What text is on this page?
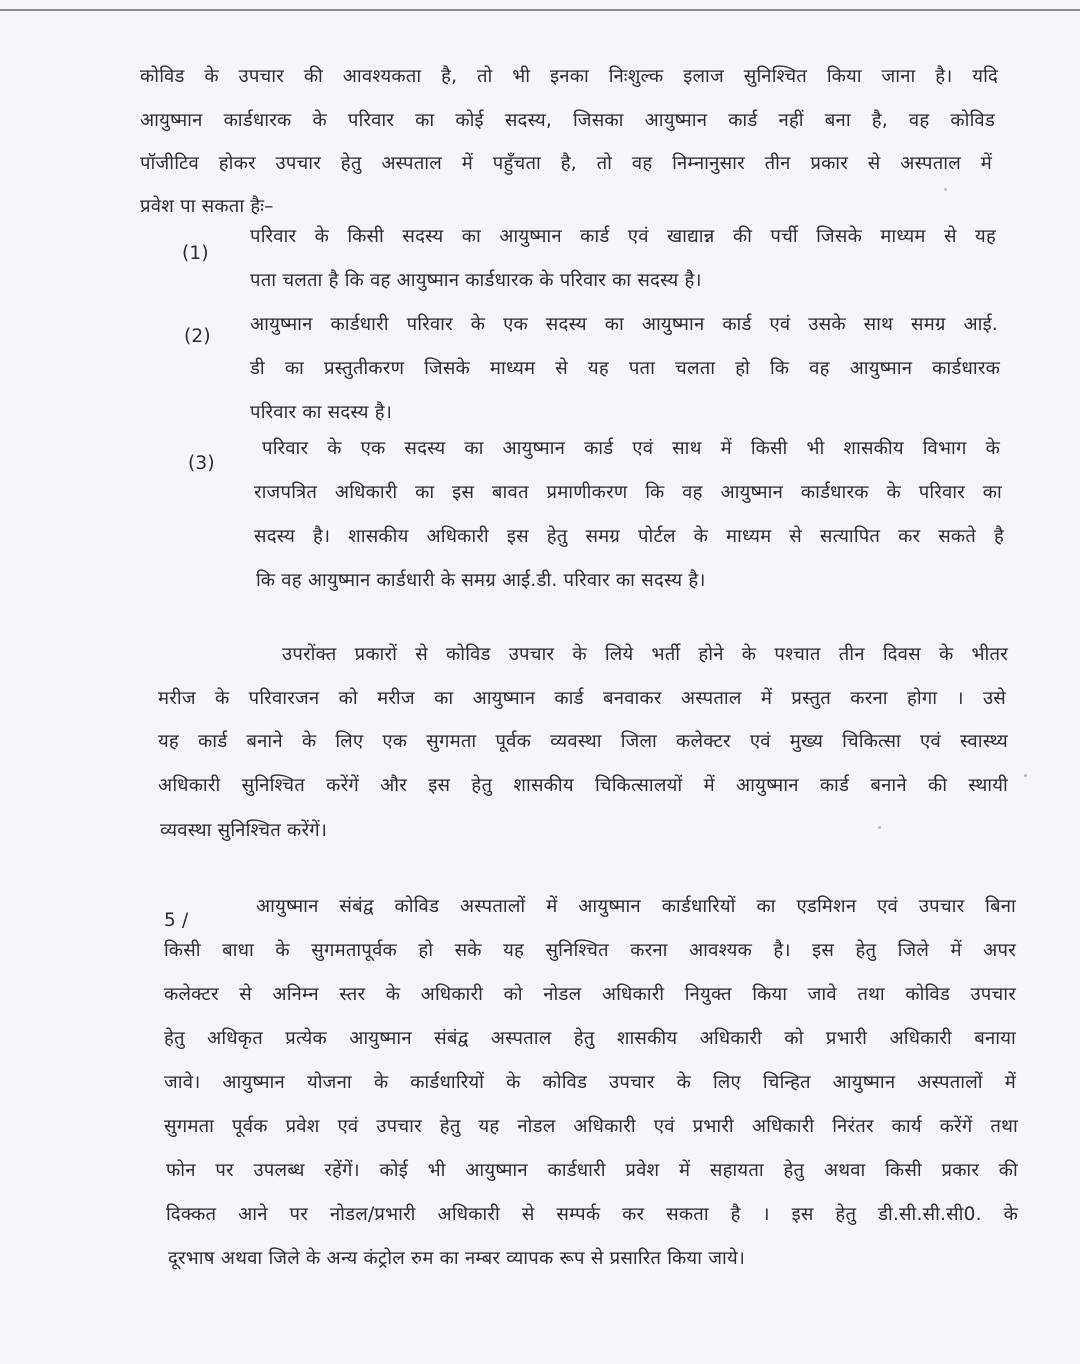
कोविड के उपचार की आवश्यकता है, तो भी इनका निःशुल्क इलाज सुनिश्चित किया जाना है। यदि
आयुष्मान कार्डधारक के परिवार का कोई सदस्य, जिसका आयुष्मान कार्ड नहीं बना है, वह कोविड
पॉजीटिव होकर उपचार हेतु अस्पताल में पहुँचता है, तो वह निम्नानुसार तीन प्रकार से अस्पताल में
प्रवेश पा सकता हैः–
(1)
परिवार के किसी सदस्य का आयुष्मान कार्ड एवं खाद्यान्न की पर्ची जिसके माध्यम से यह
पता चलता है कि वह आयुष्मान कार्डधारक के परिवार का सदस्य है।
(2)
आयुष्मान कार्डधारी परिवार के एक सदस्य का आयुष्मान कार्ड एवं उसके साथ समग्र आई.
डी का प्रस्तुतीकरण जिसके माध्यम से यह पता चलता हो कि वह आयुष्मान कार्डधारक
परिवार का सदस्य है।
(3)
परिवार के एक सदस्य का आयुष्मान कार्ड एवं साथ में किसी भी शासकीय विभाग के
राजपत्रित अधिकारी का इस बावत प्रमाणीकरण कि वह आयुष्मान कार्डधारक के परिवार का
सदस्य है। शासकीय अधिकारी इस हेतु समग्र पोर्टल के माध्यम से सत्यापित कर सकते है
कि वह आयुष्मान कार्डधारी के समग्र आई.डी. परिवार का सदस्य है।
उपरोंक्त प्रकारों से कोविड उपचार के लिये भर्ती होने के पश्चात तीन दिवस के भीतर
मरीज के परिवारजन को मरीज का आयुष्मान कार्ड बनवाकर अस्पताल में प्रस्तुत करना होगा । उसे
यह कार्ड बनाने के लिए एक सुगमता पूर्वक व्यवस्था जिला कलेक्टर एवं मुख्य चिकित्सा एवं स्वास्थ्य
अधिकारी सुनिश्चित करेंगें और इस हेतु शासकीय चिकित्सालयों में आयुष्मान कार्ड बनाने की स्थायी
व्यवस्था सुनिश्चित करेंगें।
5 /
आयुष्मान संबंद्व कोविड अस्पतालों में आयुष्मान कार्डधारियों का एडमिशन एवं उपचार बिना
किसी बाधा के सुगमतापूर्वक हो सके यह सुनिश्चित करना आवश्यक है। इस हेतु जिले में अपर
कलेक्टर से अनिम्न स्तर के अधिकारी को नोडल अधिकारी नियुक्त किया जावे तथा कोविड उपचार
हेतु अधिकृत प्रत्येक आयुष्मान संबंद्व अस्पताल हेतु शासकीय अधिकारी को प्रभारी अधिकारी बनाया
जावे। आयुष्मान योजना के कार्डधारियों के कोविड उपचार के लिए चिन्हित आयुष्मान अस्पतालों में
सुगमता पूर्वक प्रवेश एवं उपचार हेतु यह नोडल अधिकारी एवं प्रभारी अधिकारी निरंतर कार्य करेंगें तथा
फोन पर उपलब्ध रहेंगें। कोई भी आयुष्मान कार्डधारी प्रवेश में सहायता हेतु अथवा किसी प्रकार की
दिक्कत आने पर नोडल/प्रभारी अधिकारी से सम्पर्क कर सकता है । इस हेतु डी.सी.सी.सी0. के
दूरभाष अथवा जिले के अन्य कंट्रोल रुम का नम्बर व्यापक रूप से प्रसारित किया जाये।
